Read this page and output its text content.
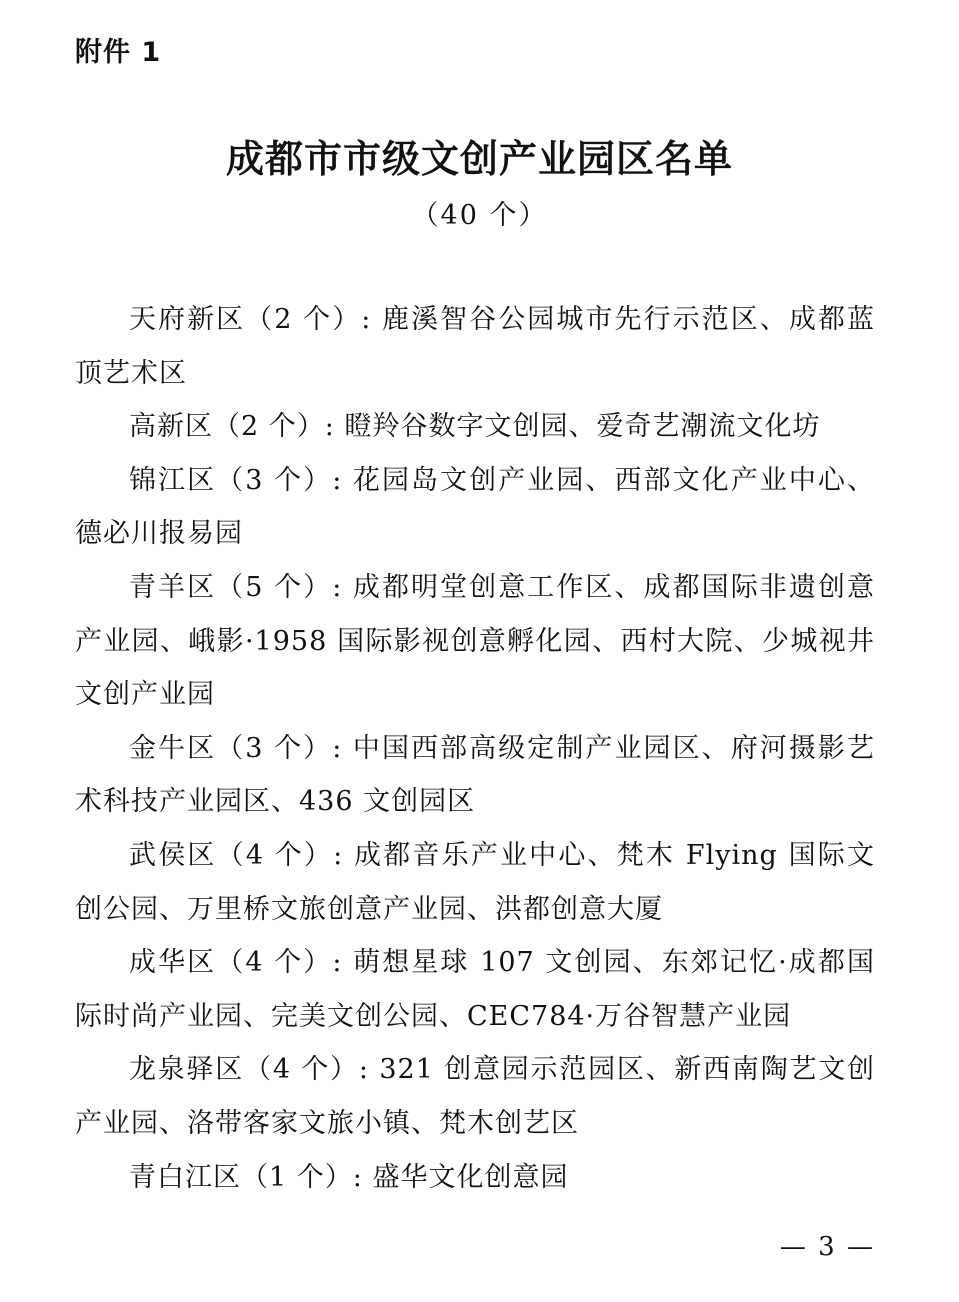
附件 1
成都市市级文创产业园区名单
（40 个）

天府新区（2 个）: 鹿溪智谷公园城市先行示范区、成都蓝顶艺术区

高新区（2 个）: 瞪羚谷数字文创园、爱奇艺潮流文化坊

锦江区（3 个）: 花园岛文创产业园、西部文化产业中心、德必川报易园

青羊区（5 个）: 成都明堂创意工作区、成都国际非遗创意产业园、峨影·1958 国际影视创意孵化园、西村大院、少城视井文创产业园

金牛区（3 个）: 中国西部高级定制产业园区、府河摄影艺术科技产业园区、436 文创园区

武侯区（4 个）: 成都音乐产业中心、梵木 Flying 国际文创公园、万里桥文旅创意产业园、洪都创意大厦

成华区（4 个）: 萌想星球 107 文创园、东郊记忆·成都国际时尚产业园、完美文创公园、CEC784·万谷智慧产业园

龙泉驿区（4 个）: 321 创意园示范园区、新西南陶艺文创产业园、洛带客家文旅小镇、梵木创艺区

青白江区（1 个）: 盛华文化创意园

— 3 —
